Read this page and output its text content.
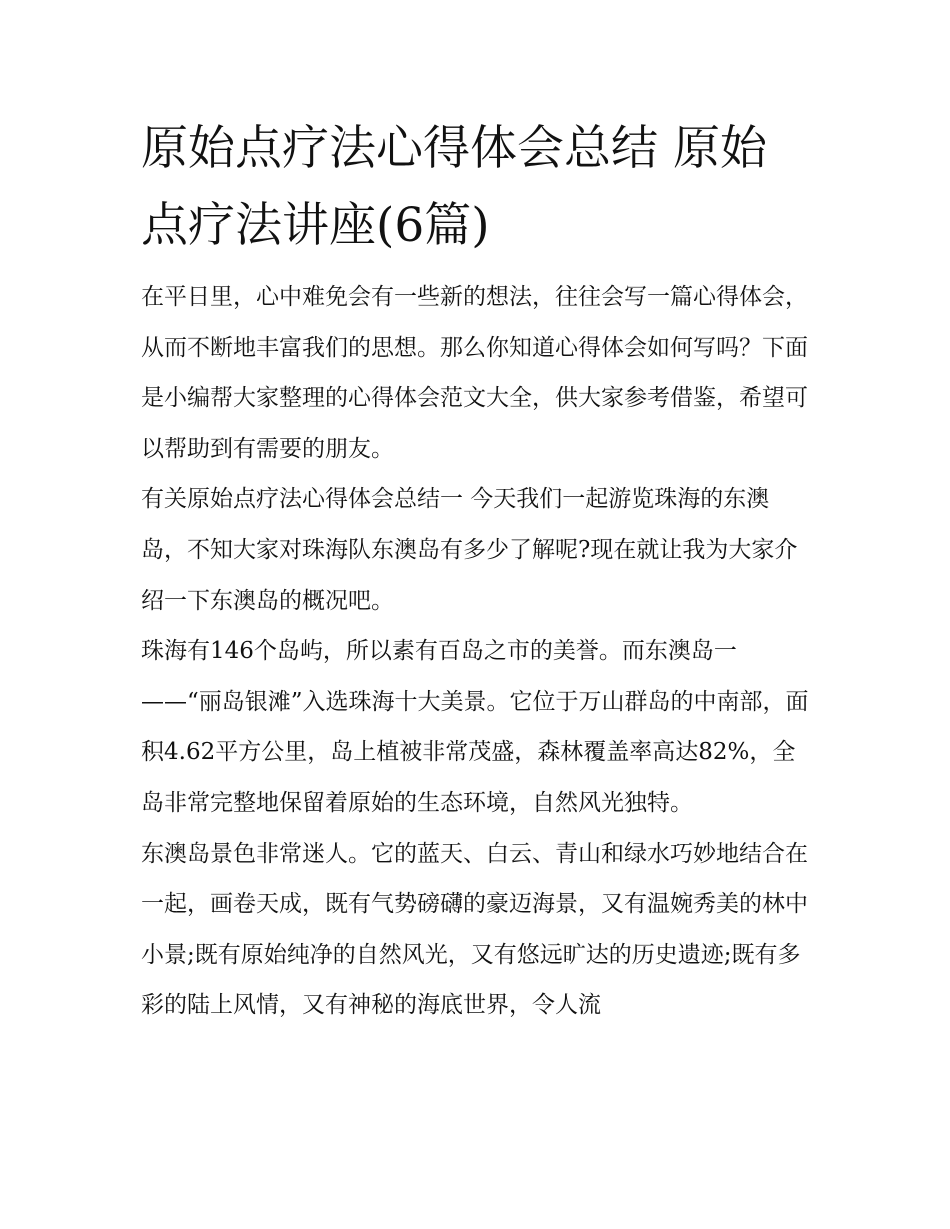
原始点疗法心得体会总结 原始点疗法讲座(6篇)

在平日里，心中难免会有一些新的想法，往往会写一篇心得体会，从而不断地丰富我们的思想。那么你知道心得体会如何写吗？下面是小编帮大家整理的心得体会范文大全，供大家参考借鉴，希望可以帮助到有需要的朋友。

有关原始点疗法心得体会总结一 今天我们一起游览珠海的东澳岛，不知大家对珠海队东澳岛有多少了解呢?现在就让我为大家介绍一下东澳岛的概况吧。

珠海有146个岛屿，所以素有百岛之市的美誉。而东澳岛一——“丽岛银滩”入选珠海十大美景。它位于万山群岛的中南部，面积4.62平方公里，岛上植被非常茂盛，森林覆盖率高达82%，全岛非常完整地保留着原始的生态环境，自然风光独特。

东澳岛景色非常迷人。它的蓝天、白云、青山和绿水巧妙地结合在一起，画卷天成，既有气势磅礴的豪迈海景，又有温婉秀美的林中小景;既有原始纯净的自然风光，又有悠远旷达的历史遗迹;既有多彩的陆上风情，又有神秘的海底世界，令人流
